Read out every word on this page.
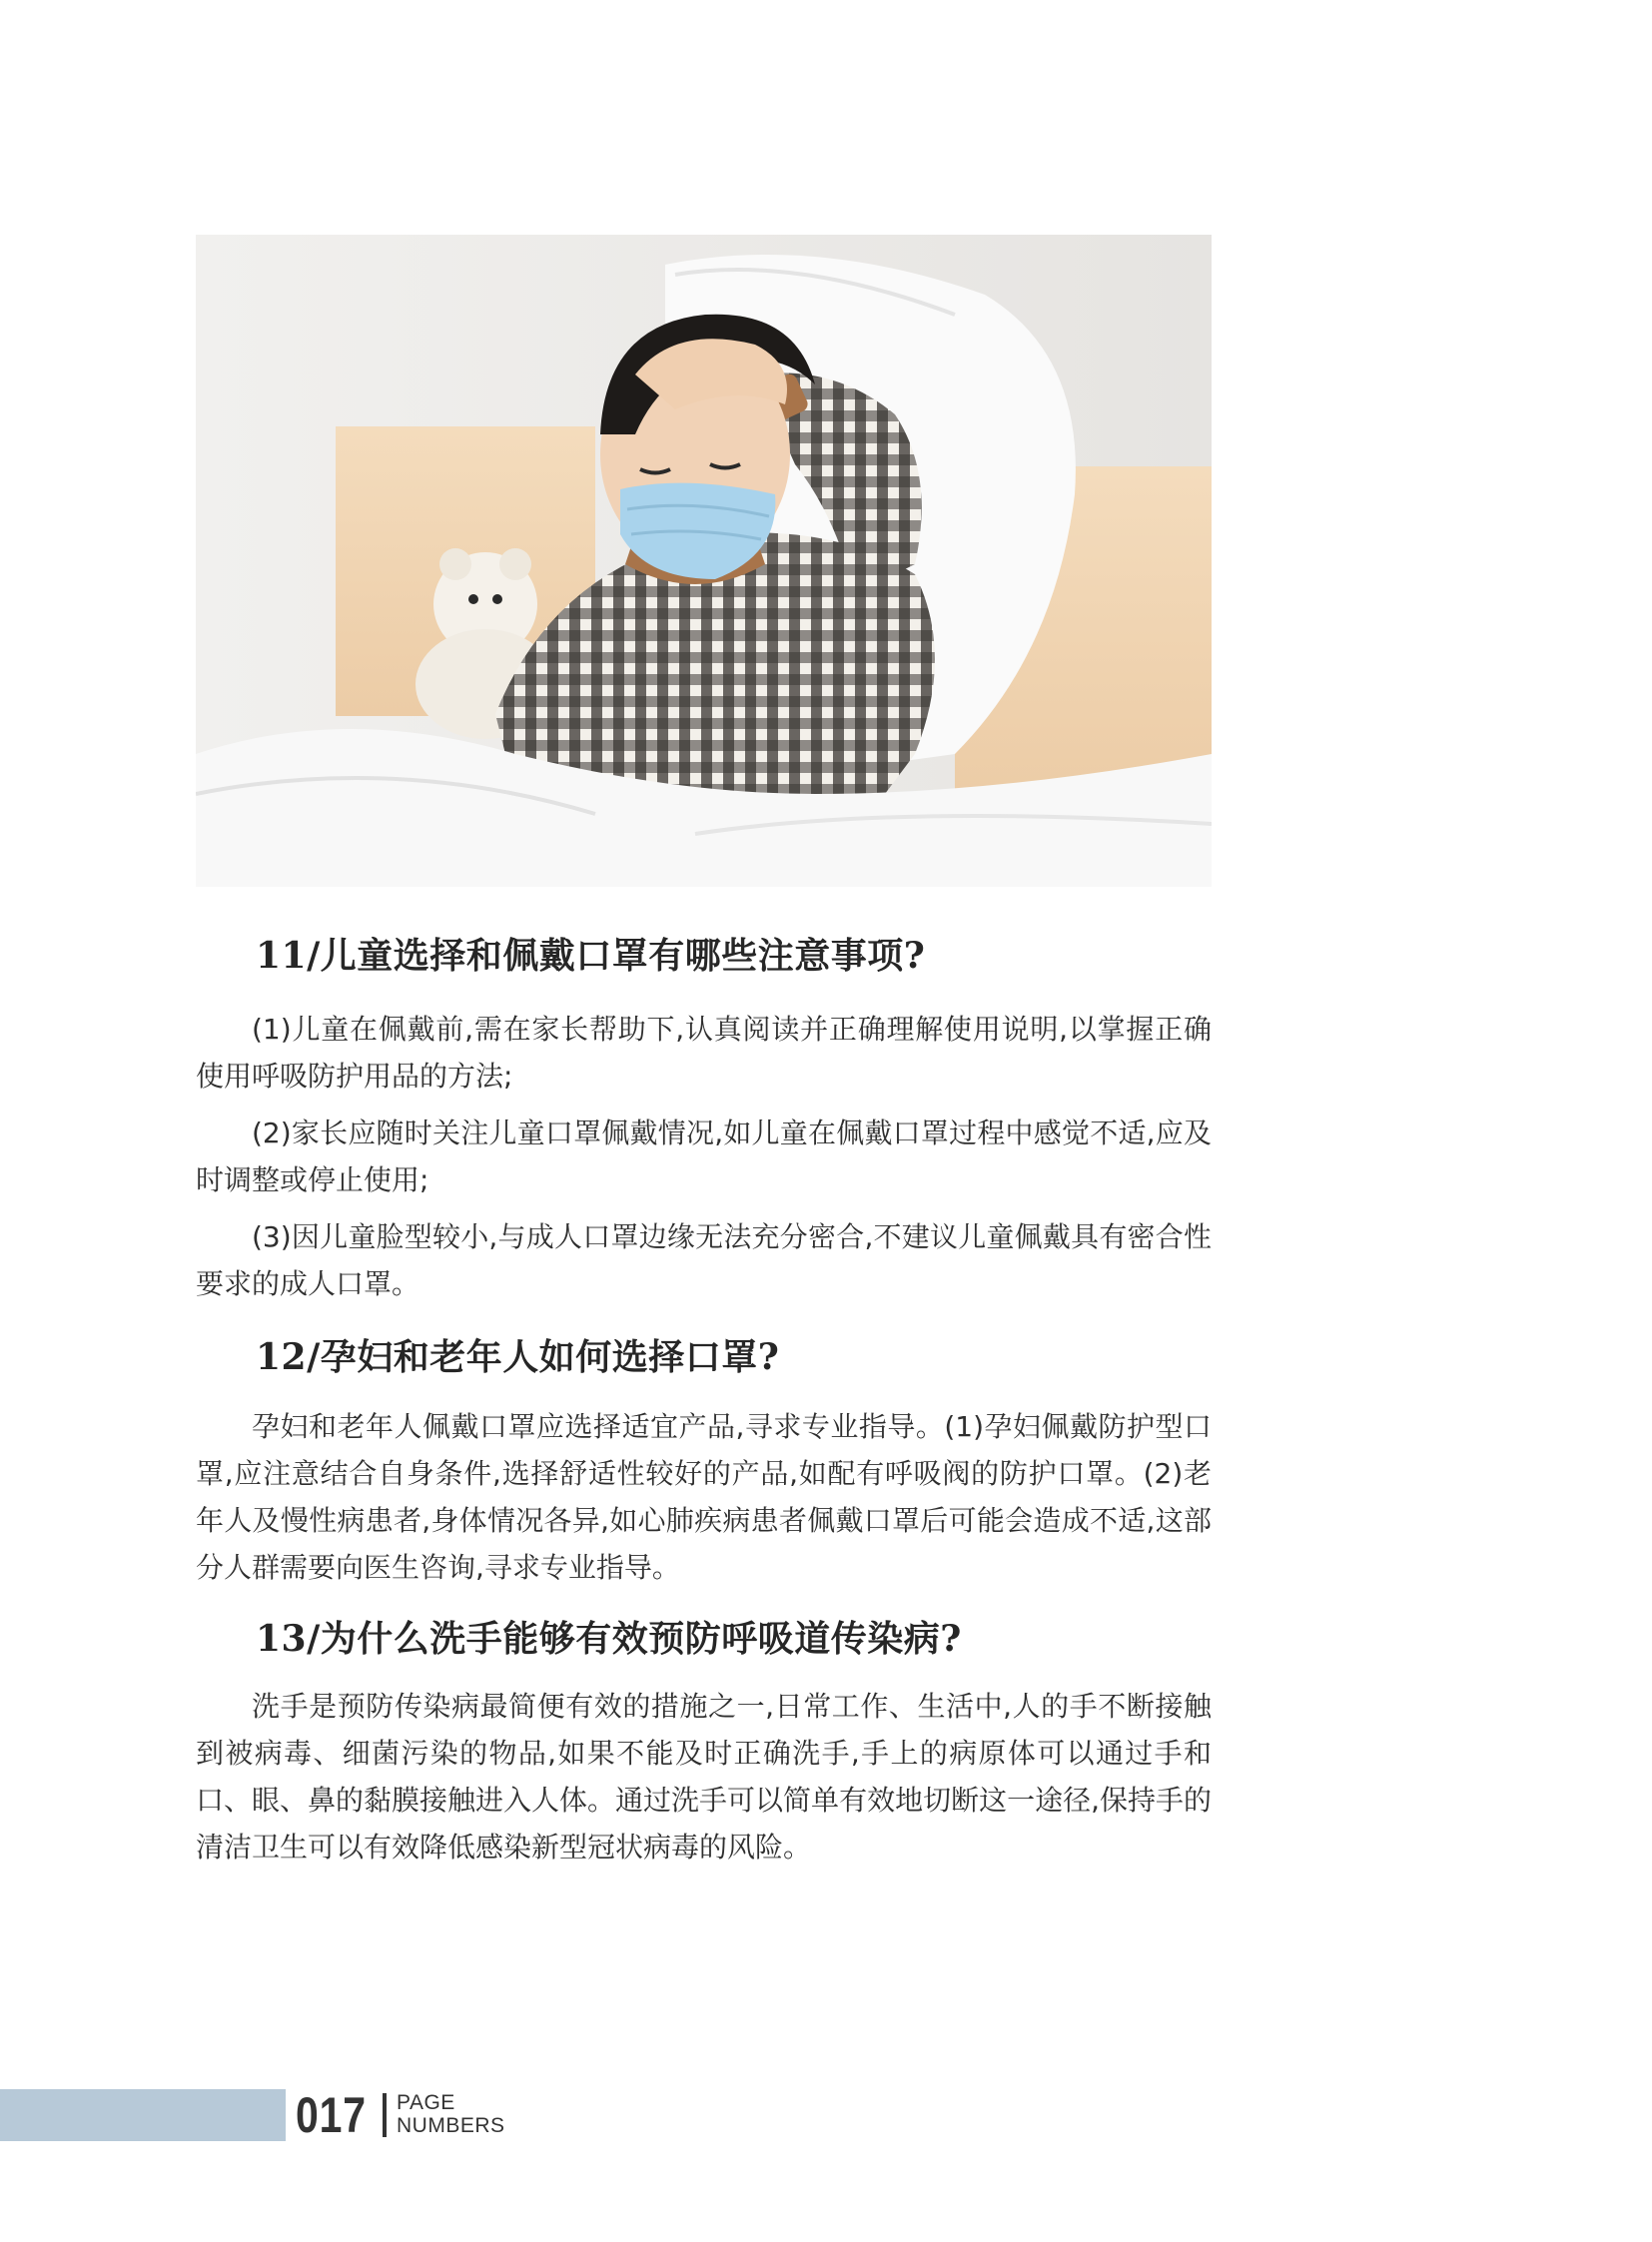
11/儿童选择和佩戴口罩有哪些注意事项?

(1)儿童在佩戴前,需在家长帮助下,认真阅读并正确理解使用说明,以掌握正确使用呼吸防护用品的方法;

(2)家长应随时关注儿童口罩佩戴情况,如儿童在佩戴口罩过程中感觉不适,应及时调整或停止使用;

(3)因儿童脸型较小,与成人口罩边缘无法充分密合,不建议儿童佩戴具有密合性要求的成人口罩。

12/孕妇和老年人如何选择口罩?

孕妇和老年人佩戴口罩应选择适宜产品,寻求专业指导。(1)孕妇佩戴防护型口罩,应注意结合自身条件,选择舒适性较好的产品,如配有呼吸阀的防护口罩。(2)老年人及慢性病患者,身体情况各异,如心肺疾病患者佩戴口罩后可能会造成不适,这部分人群需要向医生咨询,寻求专业指导。

13/为什么洗手能够有效预防呼吸道传染病?

洗手是预防传染病最简便有效的措施之一,日常工作、生活中,人的手不断接触到被病毒、细菌污染的物品,如果不能及时正确洗手,手上的病原体可以通过手和口、眼、鼻的黏膜接触进入人体。通过洗手可以简单有效地切断这一途径,保持手的清洁卫生可以有效降低感染新型冠状病毒的风险。

017 PAGE
NUMBERS
